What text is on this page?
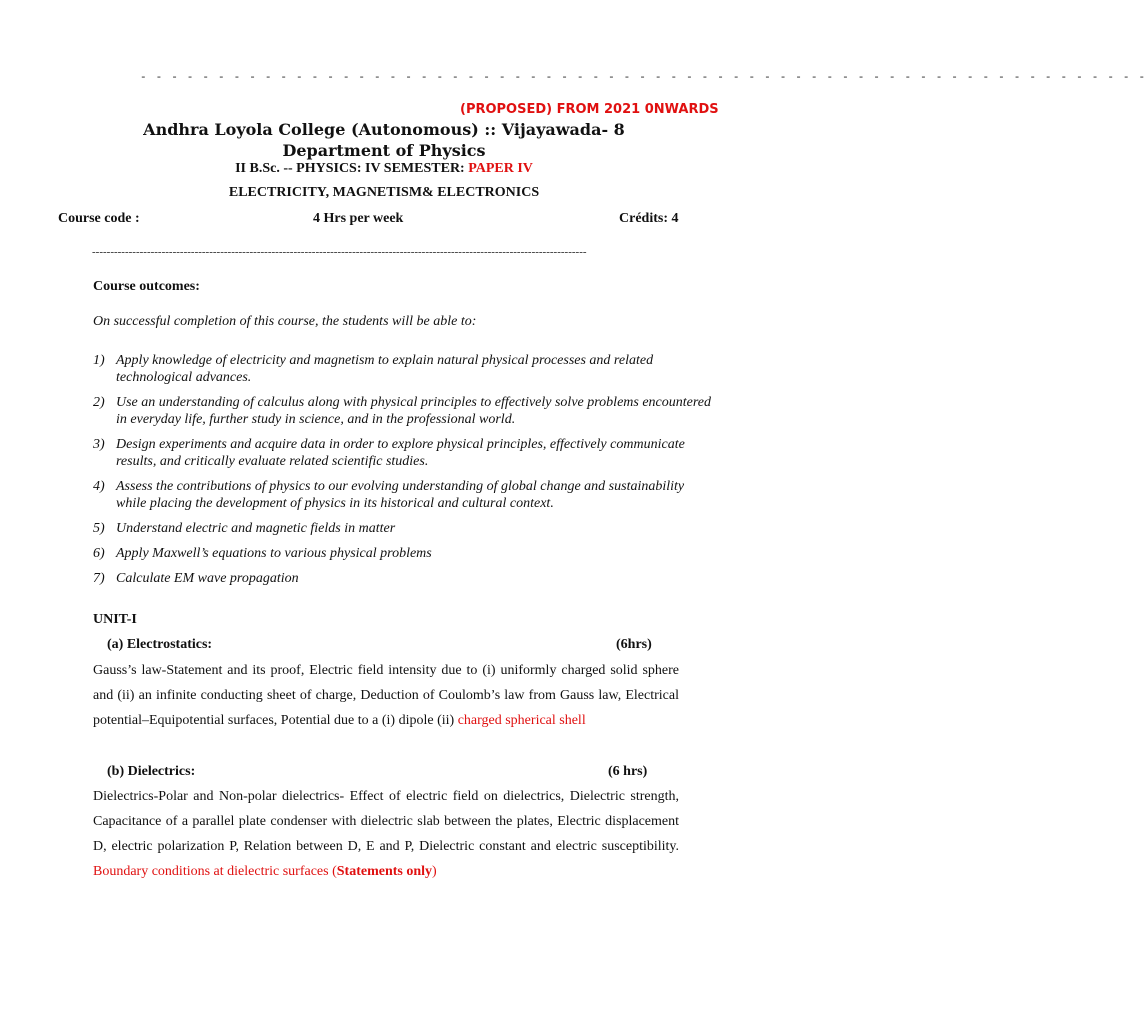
- - - - - - - - - - - - - - - - - - - - - - - - - - - - - - - - - - - - - - - - - - - - - - - - - - - - - - - - - - - - - - - - -
(PROPOSED) FROM 2021 0NWARDS
Andhra Loyola College (Autonomous) :: Vijayawada- 8
Department of Physics
II B.Sc. -- PHYSICS: IV SEMESTER: PAPER IV
ELECTRICITY, MAGNETISM& ELECTRONICS
Course code :	4 Hrs per week	Crédits: 4
---------------------------------------------------------------------------------------------------------------------------------------
Course outcomes:
On successful completion of this course, the students will be able to:
1) Apply knowledge of electricity and magnetism to explain natural physical processes and related technological advances.
2) Use an understanding of calculus along with physical principles to effectively solve problems encountered in everyday life, further study in science, and in the professional world.
3) Design experiments and acquire data in order to explore physical principles, effectively communicate results, and critically evaluate related scientific studies.
4) Assess the contributions of physics to our evolving understanding of global change and sustainability while placing the development of physics in its historical and cultural context.
5) Understand electric and magnetic fields in matter
6) Apply Maxwell’s equations to various physical problems
7) Calculate EM wave propagation
UNIT-I
(a) Electrostatics:	(6hrs)

Gauss’s law-Statement and its proof, Electric field intensity due to (i) uniformly charged solid sphere and (ii) an infinite conducting sheet of charge, Deduction of Coulomb’s law from Gauss law, Electrical potential–Equipotential surfaces, Potential due to a (i) dipole (ii) charged spherical shell

(b) Dielectrics:	(6 hrs)

Dielectrics-Polar and Non-polar dielectrics- Effect of electric field on dielectrics, Dielectric strength, Capacitance of a parallel plate condenser with dielectric slab between the plates, Electric displacement D, electric polarization P, Relation between D, E and P, Dielectric constant and electric susceptibility. Boundary conditions at dielectric surfaces (Statements only)
